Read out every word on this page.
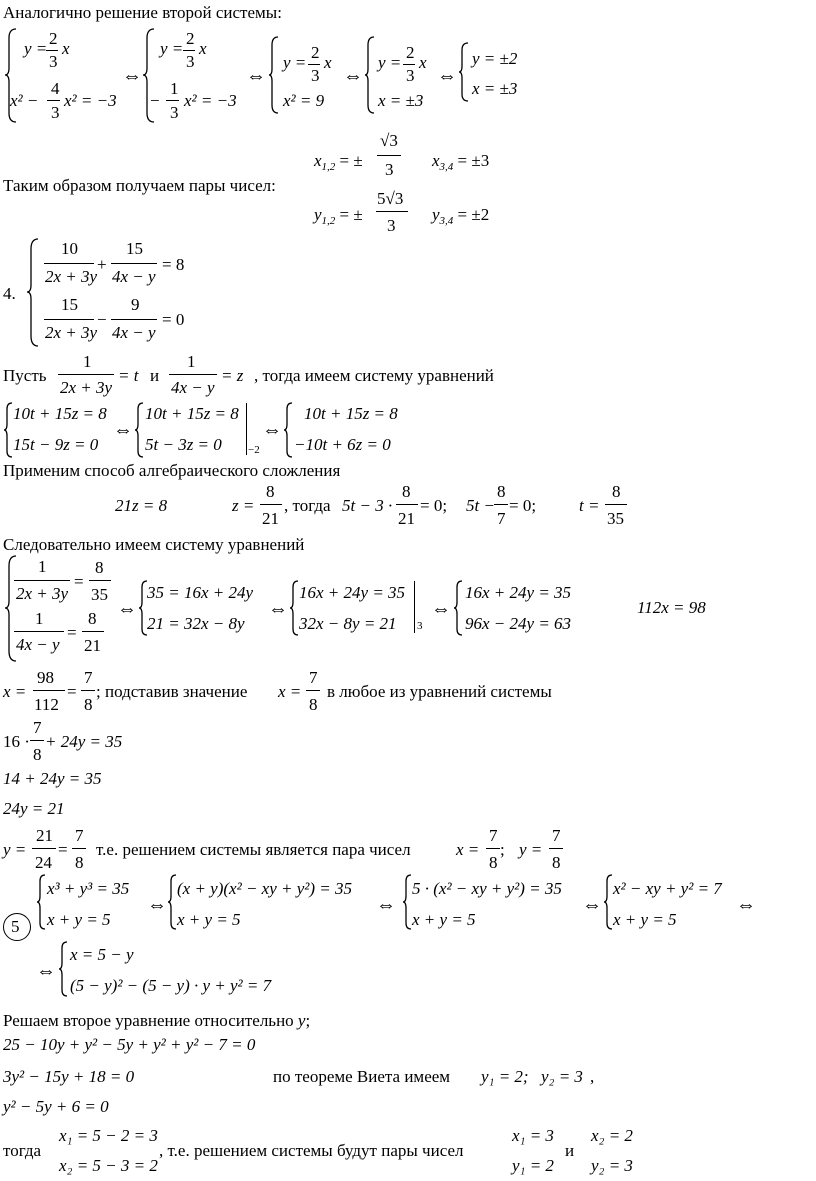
Аналогично решение второй системы:
y =
2
3
x
x² −
4
3
x² = −3
⇔
y =
2
3
x
−
1
3
x² = −3
⇔
y =
2
3
x
x² = 9
⇔
y =
2
3
x
x = ±3
⇔
y = ±2
x = ±3
$x_{1,2}$ = ±
√3
3 $x_{3,4} = \pm 3$
Таким образом получаем пары чисел:
$y_{1,2}$ = ±
5√3
3
$y_{3,4} = \pm 2$
4.
10
2x + 3y
+
15
4x − y
= 8
15
2x + 3y
−
9
4x − y
= 0
Пусть
1
2x + 3y
= t и
1
4x − y
= z , тогда имеем систему уравнений
10t + 15z = 8
15t − 9z = 0
⇔
10t + 15z = 8
5t − 3z = 0 −2
⇔
10t + 15z = 8
−10t + 6z = 0
Применим способ алгебраического сложления
21z = 8	z =
8
21
, тогда 5t − 3 ·
8
21
= 0; 5t −
8
7
= 0;	t =
8
35
Следовательно имеем систему уравнений
1
2x + 3y
=
8
35
1
4x − y
=
8
21
⇔
35 = 16x + 24y
21 = 32x − 8y
⇔
16x + 24y = 35
32x − 8y = 21 3
⇔
16x + 24y = 35
96x − 24y = 63
112x = 98
x =
98
112
=
7
8
; подставив значение x =
7
8
в любое из уравнений системы
16 ·
7
8
+ 24y = 35
14 + 24y = 35
24y = 21
y =
21
24
=
7
8
т.е. решением системы является пара чисел	x =
7
8
; y =
7
8
5
x³ + y³ = 35
x + y = 5
⇔
(x + y)(x² − xy + y²) = 35
x + y = 5
⇔
5 · (x² − xy + y²) = 35
x + y = 5
⇔
x² − xy + y² = 7
x + y = 5
⇔
⇔
x = 5 − y
(5 − y)² − (5 − y) · y + y² = 7
Решаем второе уравнение относительно y;
25 − 10y + y² − 5y + y² + y² − 7 = 0
3y² − 15y + 18 = 0	по теореме Виета имеем y₁ = 2; y₂ = 3 ,
y² − 5y + 6 = 0
тогда
x₁ = 5 − 2 = 3
x₂ = 5 − 3 = 2
, т.е. решением системы будут пары чисел
x₁ = 3
y₁ = 2
и
x₂ = 2
y₂ = 3
